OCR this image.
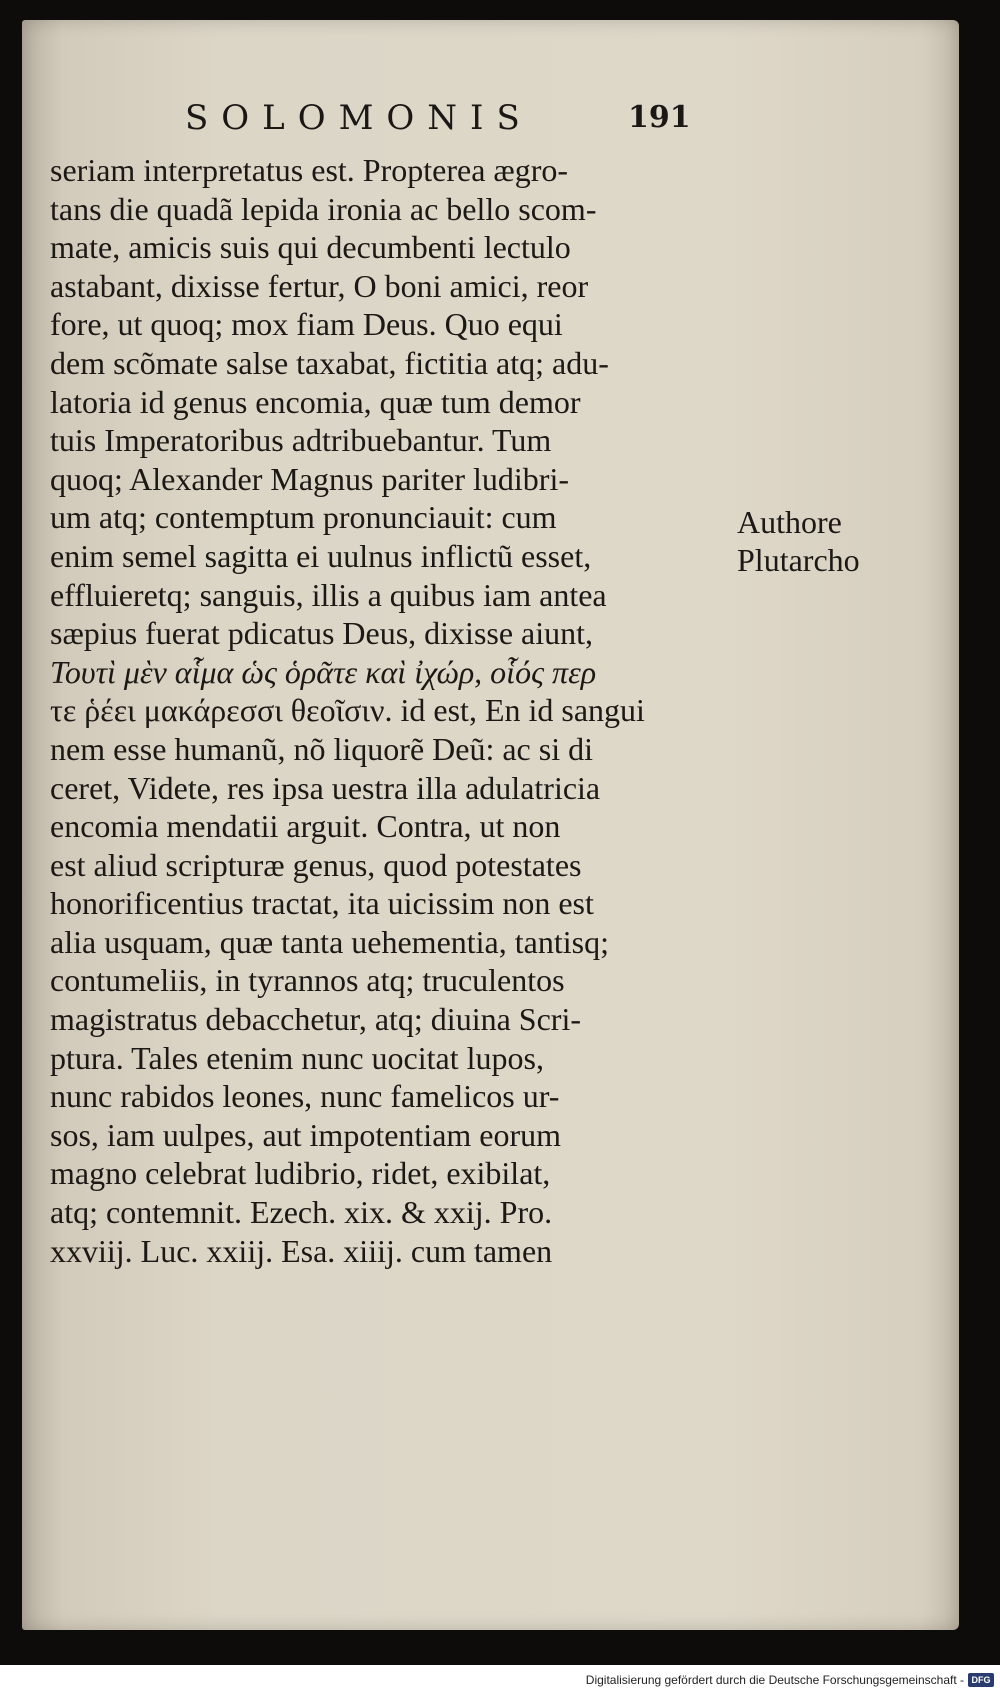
SOLOMONIS	191
seriam interpretatus est. Propterea ægro-
tans die quadã lepida ironia ac bello scom-
mate, amicis suis qui decumbenti lectulo
astabant, dixisse fertur, O boni amici, reor
fore, ut quoq; mox fiam Deus. Quo equi
dem scõmate salse taxabat, fictitia atq; adu-
latoria id genus encomia, quæ tum demor
tuis Imperatoribus adtribuebantur. Tum
quoq; Alexander Magnus pariter ludibri-
um atq; contemptum pronunciauit: cum
enim semel sagitta ei uulnus inflictũ esset,
effluieretq; sanguis, illis a quibus iam antea
sæpius fuerat pdicatus Deus, dixisse aiunt,
Τουτὶ μὲν αἷμα ὡς ὁρᾶτε καὶ ἰχώρ, οἷός περ
τε ῥέει μακάρεσσι θεοῖσιν. id est, En id sangui
nem esse humanũ, nõ liquorẽ Deũ: ac si di
ceret, Videte, res ipsa uestra illa adulatricia
encomia mendatii arguit. Contra, ut non
est aliud scripturæ genus, quod potestates
honorificentius tractat, ita uicissim non est
alia usquam, quæ tanta uehementia, tantisq;
contumeliis, in tyrannos atq; truculentos
magistratus debacchetur, atq; diuina Scri-
ptura. Tales etenim nunc uocitat lupos,
nunc rabidos leones, nunc famelicos ur-
sos, iam uulpes, aut impotentiam eorum
magno celebrat ludibrio, ridet, exibilat,
atq; contemnit. Ezech. xix. & xxij. Pro.
xxviij. Luc. xxiij. Esa. xiiij. cum tamen
Authore
Plutarcho
Digitalisierung gefördert durch die Deutsche Forschungsgemeinschaft - DFG
